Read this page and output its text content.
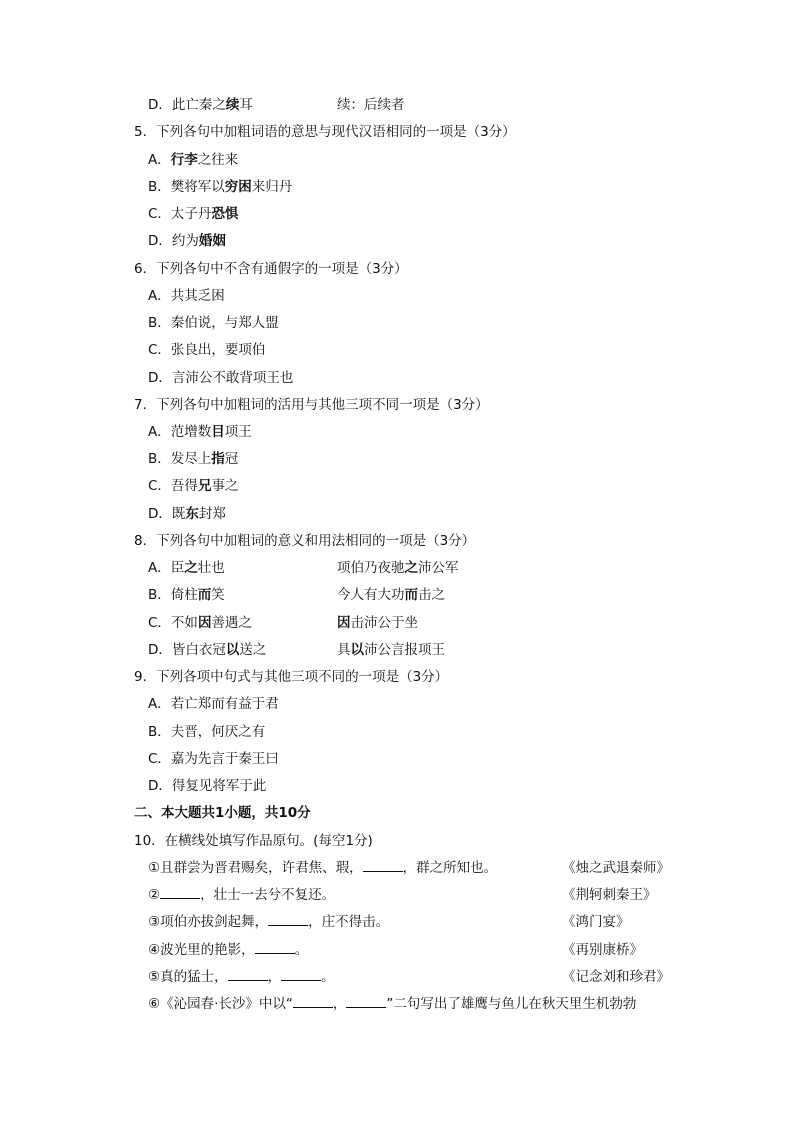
D．此亡秦之续耳	续：后续者
5．下列各句中加粗词语的意思与现代汉语相同的一项是（3分）
A．行李之往来
B．樊将军以穷困来归丹
C．太子丹恐惧
D．约为婚姻
6．下列各句中不含有通假字的一项是（3分）
A．共其乏困
B．秦伯说，与郑人盟
C．张良出，要项伯
D．言沛公不敢背项王也
7．下列各句中加粗词的活用与其他三项不同一项是（3分）
A．范增数目项王
B．发尽上指冠
C．吾得兄事之
D．既东封郑
8．下列各句中加粗词的意义和用法相同的一项是（3分）
A．臣之壮也	项伯乃夜驰之沛公军
B．倚柱而笑	今人有大功而击之
C．不如因善遇之	因击沛公于坐
D．皆白衣冠以送之	具以沛公言报项王
9．下列各项中句式与其他三项不同的一项是（3分）
A．若亡郑而有益于君
B．夫晋，何厌之有
C．嘉为先言于秦王曰
D．得复见将军于此
二、本大题共1小题，共10分
10．在横线处填写作品原句。(每空1分)
①且群尝为晋君赐矣，许君焦、瑕，	，群之所知也。	《烛之武退秦师》
②	，壮士一去兮不复还。	《荆轲刺秦王》
③项伯亦拔剑起舞，	，庄不得击。	《鸿门宴》
④波光里的艳影，	。	《再别康桥》
⑤真的猛士，	，	。	《记念刘和珍君》
⑥《沁园春·长沙》中以“	，	”二句写出了雄鹰与鱼儿在秋天里生机勃勃
